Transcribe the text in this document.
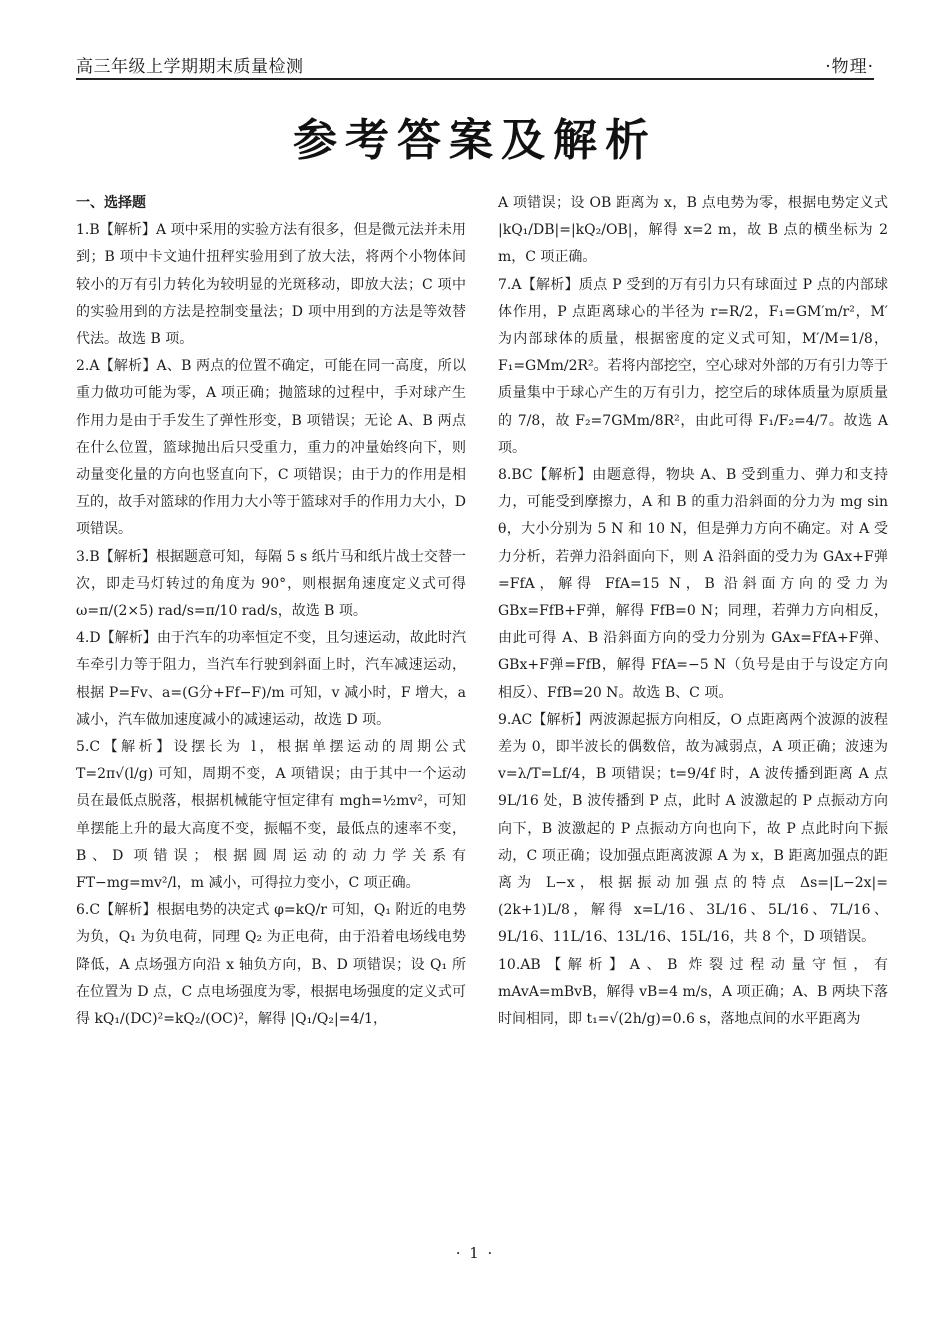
高三年级上学期期末质量检测	·物理·
参考答案及解析

一、选择题

1.B【解析】A 项中采用的实验方法有很多，但是微元法并未用到；B 项中卡文迪什扭秤实验用到了放大法，将两个小物体间较小的万有引力转化为较明显的光斑移动，即放大法；C 项中的实验用到的方法是控制变量法；D 项中用到的方法是等效替代法。故选 B 项。

2.A【解析】A、B 两点的位置不确定，可能在同一高度，所以重力做功可能为零，A 项正确；抛篮球的过程中，手对球产生作用力是由于手发生了弹性形变，B 项错误；无论 A、B 两点在什么位置，篮球抛出后只受重力，重力的冲量始终向下，则动量变化量的方向也竖直向下，C 项错误；由于力的作用是相互的，故手对篮球的作用力大小等于篮球对手的作用力大小，D 项错误。

3.B【解析】根据题意可知，每隔 5 s 纸片马和纸片战士交替一次，即走马灯转过的角度为 90°，则根据角速度定义式可得 ω=π/(2×5) rad/s=π/10 rad/s，故选 B 项。

4.D【解析】由于汽车的功率恒定不变，且匀速运动，故此时汽车牵引力等于阻力，当汽车行驶到斜面上时，汽车减速运动，根据 P=Fv、a=(G分+Ff−F)/m 可知，v 减小时，F 增大，a 减小，汽车做加速度减小的减速运动，故选 D 项。

5.C【解析】设摆长为 l，根据单摆运动的周期公式 T=2π√(l/g) 可知，周期不变，A 项错误；由于其中一个运动员在最低点脱落，根据机械能守恒定律有 mgh=½mv²，可知单摆能上升的最大高度不变，振幅不变，最低点的速率不变，B、D 项错误；根据圆周运动的动力学关系有 FT−mg=mv²/l，m 减小，可得拉力变小，C 项正确。

6.C【解析】根据电势的决定式 φ=kQ/r 可知，Q₁ 附近的电势为负，Q₁ 为负电荷，同理 Q₂ 为正电荷，由于沿着电场线电势降低，A 点场强方向沿 x 轴负方向，B、D 项错误；设 Q₁ 所在位置为 D 点，C 点电场强度为零，根据电场强度的定义式可得 kQ₁/(DC)²=kQ₂/(OC)²，解得 |Q₁/Q₂|=4/1，

A 项错误；设 OB 距离为 x，B 点电势为零，根据电势定义式 |kQ₁/DB|=|kQ₂/OB|，解得 x=2 m，故 B 点的横坐标为 2 m，C 项正确。

7.A【解析】质点 P 受到的万有引力只有球面过 P 点的内部球体作用，P 点距离球心的半径为 r=R/2，F₁=GM′m/r²，M′ 为内部球体的质量，根据密度的定义式可知，M′/M=1/8，F₁=GMm/2R²。若将内部挖空，空心球对外部的万有引力等于质量集中于球心产生的万有引力，挖空后的球体质量为原质量的 7/8，故 F₂=7GMm/8R²，由此可得 F₁/F₂=4/7。故选 A 项。

8.BC【解析】由题意得，物块 A、B 受到重力、弹力和支持力，可能受到摩擦力，A 和 B 的重力沿斜面的分力为 mg sin θ，大小分别为 5 N 和 10 N，但是弹力方向不确定。对 A 受力分析，若弹力沿斜面向下，则 A 沿斜面的受力为 GAx+F弹=FfA，解得 FfA=15 N，B 沿斜面方向的受力为 GBx=FfB+F弹，解得 FfB=0 N；同理，若弹力方向相反，由此可得 A、B 沿斜面方向的受力分别为 GAx=FfA+F弹、GBx+F弹=FfB，解得 FfA=−5 N（负号是由于与设定方向相反）、FfB=20 N。故选 B、C 项。

9.AC【解析】两波源起振方向相反，O 点距离两个波源的波程差为 0，即半波长的偶数倍，故为减弱点，A 项正确；波速为 v=λ/T=Lf/4，B 项错误；t=9/4f 时，A 波传播到距离 A 点 9L/16 处，B 波传播到 P 点，此时 A 波激起的 P 点振动方向向下，B 波激起的 P 点振动方向也向下，故 P 点此时向下振动，C 项正确；设加强点距离波源 A 为 x，B 距离加强点的距离为 L−x，根据振动加强点的特点 Δs=|L−2x|=(2k+1)L/8，解得 x=L/16、3L/16、5L/16、7L/16、9L/16、11L/16、13L/16、15L/16，共 8 个，D 项错误。

10.AB【解析】A、B 炸裂过程动量守恒，有 mAvA=mBvB，解得 vB=4 m/s，A 项正确；A、B 两块下落时间相同，即 t₁=√(2h/g)=0.6 s，落地点间的水平距离为

· 1 ·
